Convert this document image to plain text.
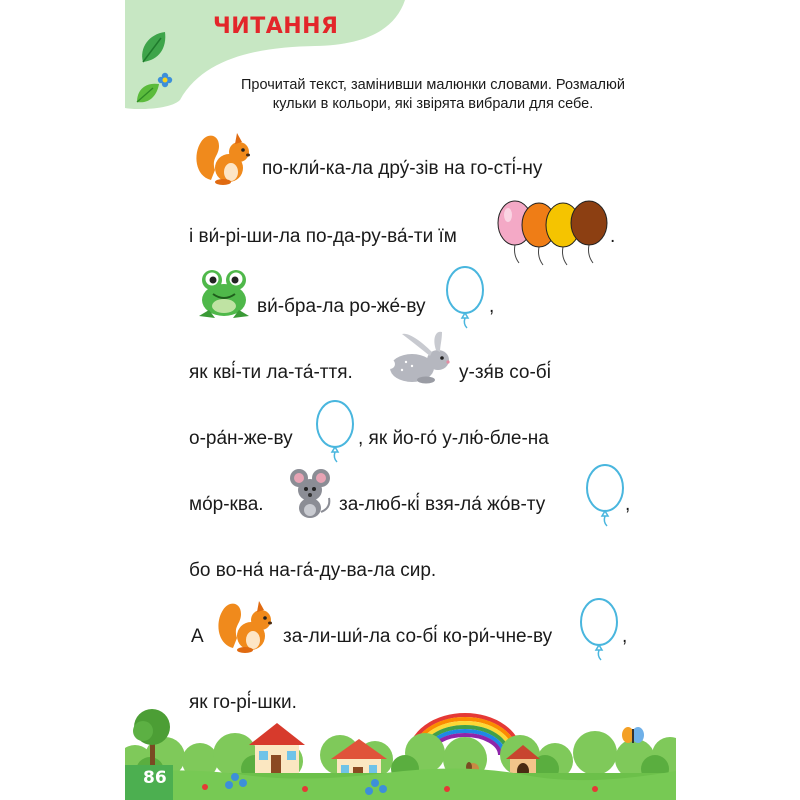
ЧИТАННЯ
Прочитай текст, замінивши малюнки словами. Розмалюй кульки в кольори, які звірята вибрали для себе.
по-кли́-ка-ла дру́-зів на го-сті́-ну
і ви́-рі-ши-ла по-да-ру-ва́-ти їм	.
ви́-бра-ла ро-же́-ву	,
як кві́-ти ла-та́-ття.	у-зя́в со-бі́
о-ра́н-же-ву	, як йо-го́ у-лю́-бле-на
мо́р-ква.	за-люб-кі́ взя-ла́ жо́в-ту	,
бо во-на́ на-га́-ду-ва-ла сир.
А	за-ли-ши́-ла со-бі́ ко-ри́-чне-ву	,
як го-рі́-шки.
86
